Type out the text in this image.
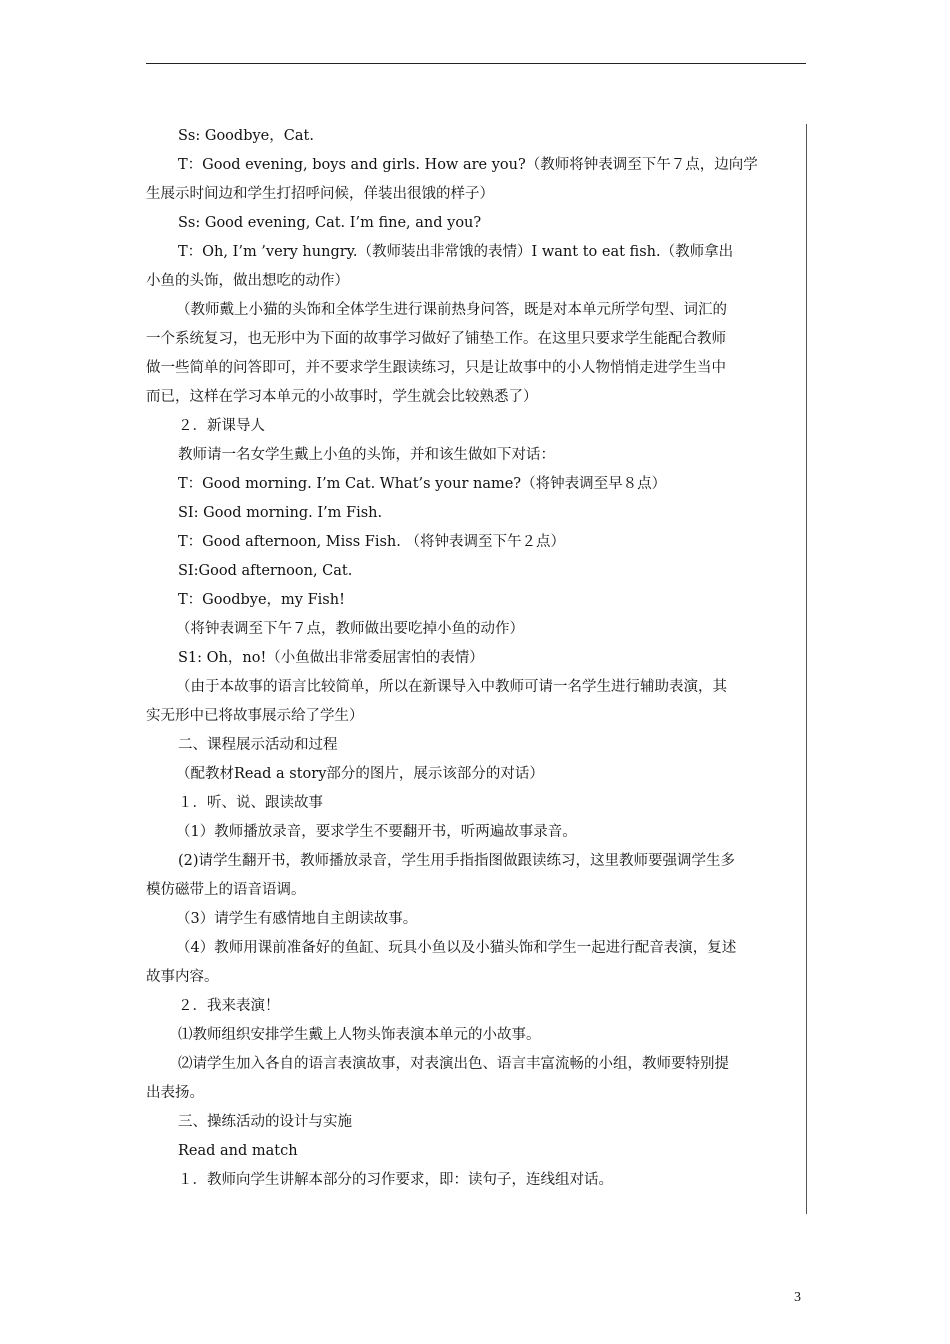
Ss: Goodbye，Cat.
T：Good evening, boys and girls. How are you?（教师将钟表调至下午７点，边向学
生展示时间边和学生打招呼问候，佯装出很饿的样子）
Ss: Good evening, Cat. I’m fine, and you?
T：Oh, I’m ’very hungry.（教师装出非常饿的表情）I want to eat fish.（教师拿出
小鱼的头饰，做出想吃的动作）
（教师戴上小猫的头饰和全体学生进行课前热身问答，既是对本单元所学句型、词汇的
一个系统复习，也无形中为下面的故事学习做好了铺垫工作。在这里只要求学生能配合教师
做一些简单的问答即可，并不要求学生跟读练习，只是让故事中的小人物悄悄走进学生当中
而已，这样在学习本单元的小故事时，学生就会比较熟悉了）
２．新课导人
教师请一名女学生戴上小鱼的头饰，并和该生做如下对话：
T：Good morning. I’m Cat. What’s your name?（将钟表调至早８点）
SI: Good morning. I’m Fish.
T：Good afternoon, Miss Fish. （将钟表调至下午２点）
SI:Good afternoon, Cat.
T：Goodbye，my Fish!
（将钟表调至下午７点，教师做出要吃掉小鱼的动作）
S1: Oh，no!（小鱼做出非常委屈害怕的表情）
（由于本故事的语言比较简单，所以在新课导入中教师可请一名学生进行辅助表演，其
实无形中已将故事展示给了学生）
二、课程展示活动和过程
（配教材Read a story部分的图片，展示该部分的对话）
１．听、说、跟读故事
（1）教师播放录音，要求学生不要翻开书，听两遍故事录音。
(2)请学生翻开书，教师播放录音，学生用手指指图做跟读练习，这里教师要强调学生多
模仿磁带上的语音语调。
（3）请学生有感情地自主朗读故事。
（4）教师用课前准备好的鱼缸、玩具小鱼以及小猫头饰和学生一起进行配音表演，复述
故事内容。
２．我来表演！
⑴教师组织安排学生戴上人物头饰表演本单元的小故事。
⑵请学生加入各自的语言表演故事，对表演出色、语言丰富流畅的小组，教师要特别提
出表扬。
三、操练活动的设计与实施
Read and match
１．教师向学生讲解本部分的习作要求，即：读句子，连线组对话。
3
